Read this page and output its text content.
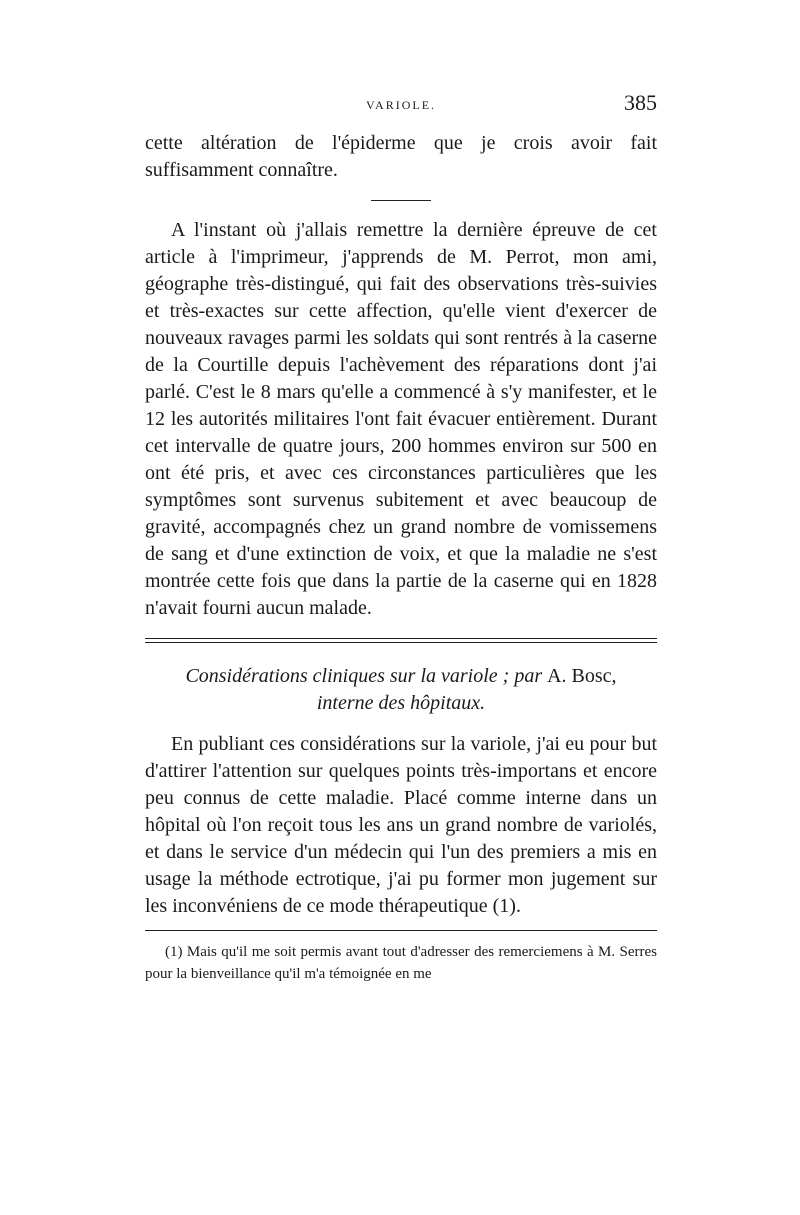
VARIOLE.	385

cette altération de l'épiderme que je crois avoir fait suffisamment connaître.

A l'instant où j'allais remettre la dernière épreuve de cet article à l'imprimeur, j'apprends de M. Perrot, mon ami, géographe très-distingué, qui fait des observations très-suivies et très-exactes sur cette affection, qu'elle vient d'exercer de nouveaux ravages parmi les soldats qui sont rentrés à la caserne de la Courtille depuis l'achèvement des réparations dont j'ai parlé. C'est le 8 mars qu'elle a commencé à s'y manifester, et le 12 les autorités militaires l'ont fait évacuer entièrement. Durant cet intervalle de quatre jours, 200 hommes environ sur 500 en ont été pris, et avec ces circonstances particulières que les symptômes sont survenus subitement et avec beaucoup de gravité, accompagnés chez un grand nombre de vomissemens de sang et d'une extinction de voix, et que la maladie ne s'est montrée cette fois que dans la partie de la caserne qui en 1828 n'avait fourni aucun malade.

Considérations cliniques sur la variole ; par A. Bosc,
interne des hôpitaux.

En publiant ces considérations sur la variole, j'ai eu pour but d'attirer l'attention sur quelques points très-importans et encore peu connus de cette maladie. Placé comme interne dans un hôpital où l'on reçoit tous les ans un grand nombre de variolés, et dans le service d'un médecin qui l'un des premiers a mis en usage la méthode ectrotique, j'ai pu former mon jugement sur les inconvéniens de ce mode thérapeutique (1).

(1) Mais qu'il me soit permis avant tout d'adresser des remerciemens à M. Serres pour la bienveillance qu'il m'a témoignée en me
